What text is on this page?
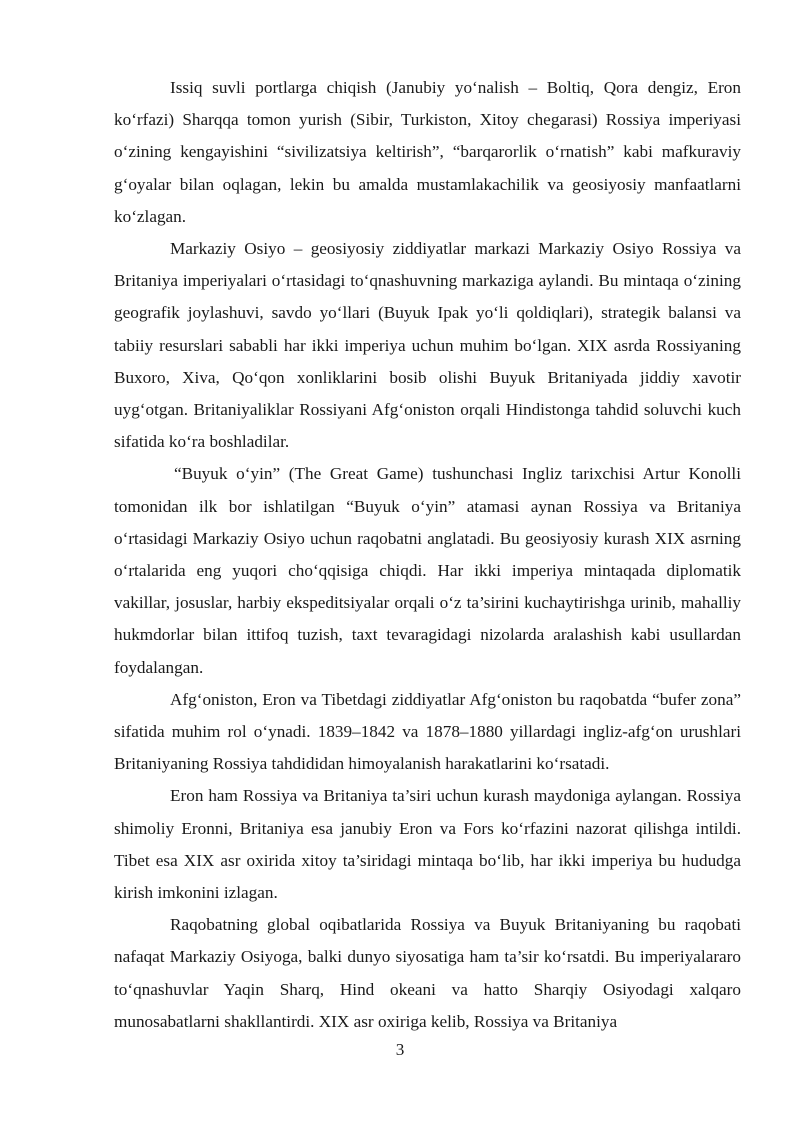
Issiq suvli portlarga chiqish (Janubiy yo‘nalish – Boltiq, Qora dengiz, Eron ko‘rfazi) Sharqqa tomon yurish (Sibir, Turkiston, Xitoy chegarasi) Rossiya imperiyasi o‘zining kengayishini “sivilizatsiya keltirish”, “barqarorlik o‘rnatish” kabi mafkuraviy g‘oyalar bilan oqlagan, lekin bu amalda mustamlakachilik va geosiyosiy manfaatlarni ko‘zlagan.

Markaziy Osiyo – geosiyosiy ziddiyatlar markazi Markaziy Osiyo Rossiya va Britaniya imperiyalari o‘rtasidagi to‘qnashuvning markaziga aylandi. Bu mintaqa o‘zining geografik joylashuvi, savdo yo‘llari (Buyuk Ipak yo‘li qoldiqlari), strategik balansi va tabiiy resurslari sababli har ikki imperiya uchun muhim bo‘lgan. XIX asrda Rossiyaning Buxoro, Xiva, Qo‘qon xonliklarini bosib olishi Buyuk Britaniyada jiddiy xavotir uyg‘otgan. Britaniyaliklar Rossiyani Afg‘oniston orqali Hindistonga tahdid soluvchi kuch sifatida ko‘ra boshladilar.

“Buyuk o‘yin” (The Great Game) tushunchasi Ingliz tarixchisi Artur Konolli tomonidan ilk bor ishlatilgan “Buyuk o‘yin” atamasi aynan Rossiya va Britaniya o‘rtasidagi Markaziy Osiyo uchun raqobatni anglatadi. Bu geosiyosiy kurash XIX asrning o‘rtalarida eng yuqori cho‘qqisiga chiqdi. Har ikki imperiya mintaqada diplomatik vakillar, josuslar, harbiy ekspeditsiyalar orqali o‘z ta’sirini kuchaytirishga urinib, mahalliy hukmdorlar bilan ittifoq tuzish, taxt tevaragidagi nizolarda aralashish kabi usullardan foydalangan.

Afg‘oniston, Eron va Tibetdagi ziddiyatlar Afg‘oniston bu raqobatda “bufer zona” sifatida muhim rol o‘ynadi. 1839–1842 va 1878–1880 yillardagi ingliz-afg‘on urushlari Britaniyaning Rossiya tahdididan himoyalanish harakatlarini ko‘rsatadi.

Eron ham Rossiya va Britaniya ta’siri uchun kurash maydoniga aylangan. Rossiya shimoliy Eronni, Britaniya esa janubiy Eron va Fors ko‘rfazini nazorat qilishga intildi. Tibet esa XIX asr oxirida xitoy ta’siridagi mintaqa bo‘lib, har ikki imperiya bu hududga kirish imkonini izlagan.

Raqobatning global oqibatlarida Rossiya va Buyuk Britaniyaning bu raqobati nafaqat Markaziy Osiyoga, balki dunyo siyosatiga ham ta’sir ko‘rsatdi. Bu imperiyalararo to‘qnashuvlar Yaqin Sharq, Hind okeani va hatto Sharqiy Osiyodagi xalqaro munosabatlarni shakllantirdi. XIX asr oxiriga kelib, Rossiya va Britaniya

3
